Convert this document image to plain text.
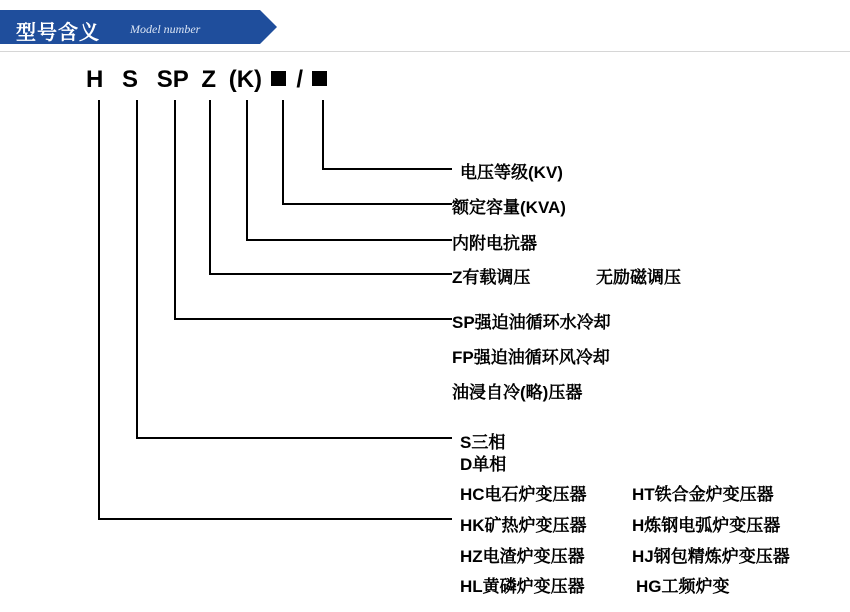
型号含义	Model number
H S SP Z (K) /
电压等级(KV)
额定容量(KVA)
内附电抗器
Z有载调压	无励磁调压
SP强迫油循环水冷却
FP强迫油循环风冷却
油浸自冷(略)压器
S三相
D单相
HC电石炉变压器	HT铁合金炉变压器
HK矿热炉变压器	H炼钢电弧炉变压器
HZ电渣炉变压器	HJ钢包精炼炉变压器
HL黄磷炉变压器	HG工频炉变
